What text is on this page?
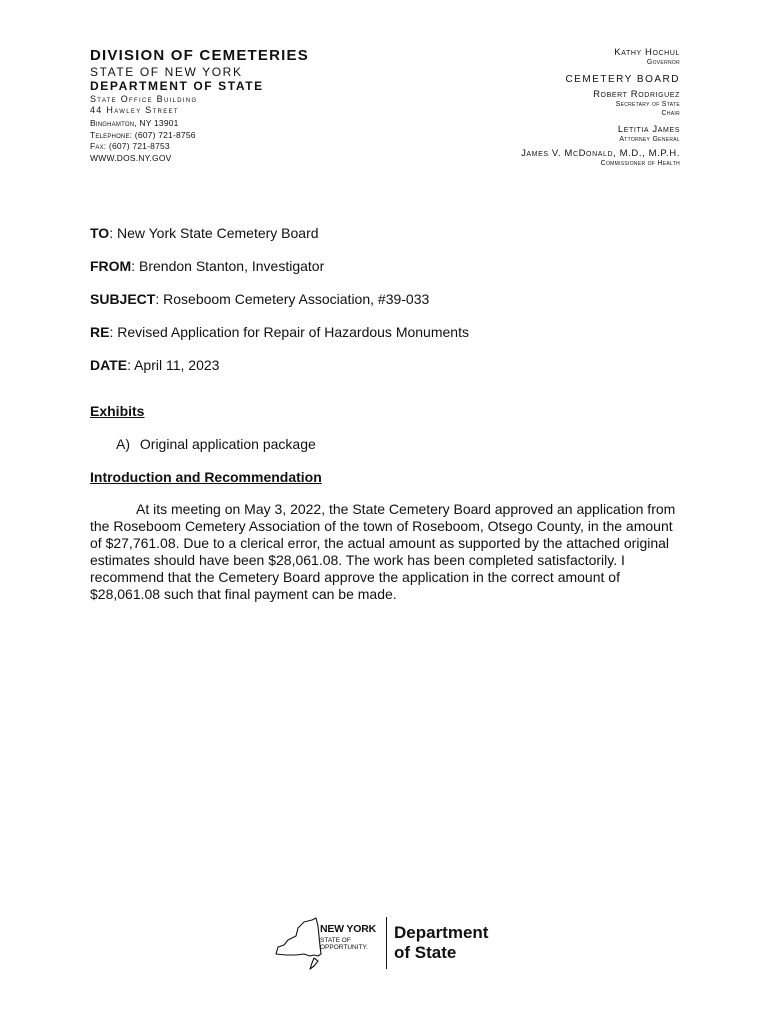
DIVISION OF CEMETERIES
STATE OF NEW YORK
DEPARTMENT OF STATE
State Office Building
44 Hawley Street
Binghamton, NY 13901
Telephone: (607) 721-8756
Fax: (607) 721-8753
WWW.DOS.NY.GOV
Kathy Hochul
Governor
CEMETERY BOARD
Robert Rodriguez
Secretary of State
Chair
Letitia James
Attorney General
James V. McDonald, M.D., M.P.H.
Commissioner of Health
TO: New York State Cemetery Board
FROM: Brendon Stanton, Investigator
SUBJECT: Roseboom Cemetery Association, #39-033
RE: Revised Application for Repair of Hazardous Monuments
DATE: April 11, 2023
Exhibits
A) Original application package
Introduction and Recommendation
At its meeting on May 3, 2022, the State Cemetery Board approved an application from
the Roseboom Cemetery Association of the town of Roseboom, Otsego County, in the amount
of $27,761.08. Due to a clerical error, the actual amount as supported by the attached original
estimates should have been $28,061.08. The work has been completed satisfactorily. I
recommend that the Cemetery Board approve the application in the correct amount of
$28,061.08 such that final payment can be made.
NEW YORK
STATE OF
OPPORTUNITY.
Department
of State
